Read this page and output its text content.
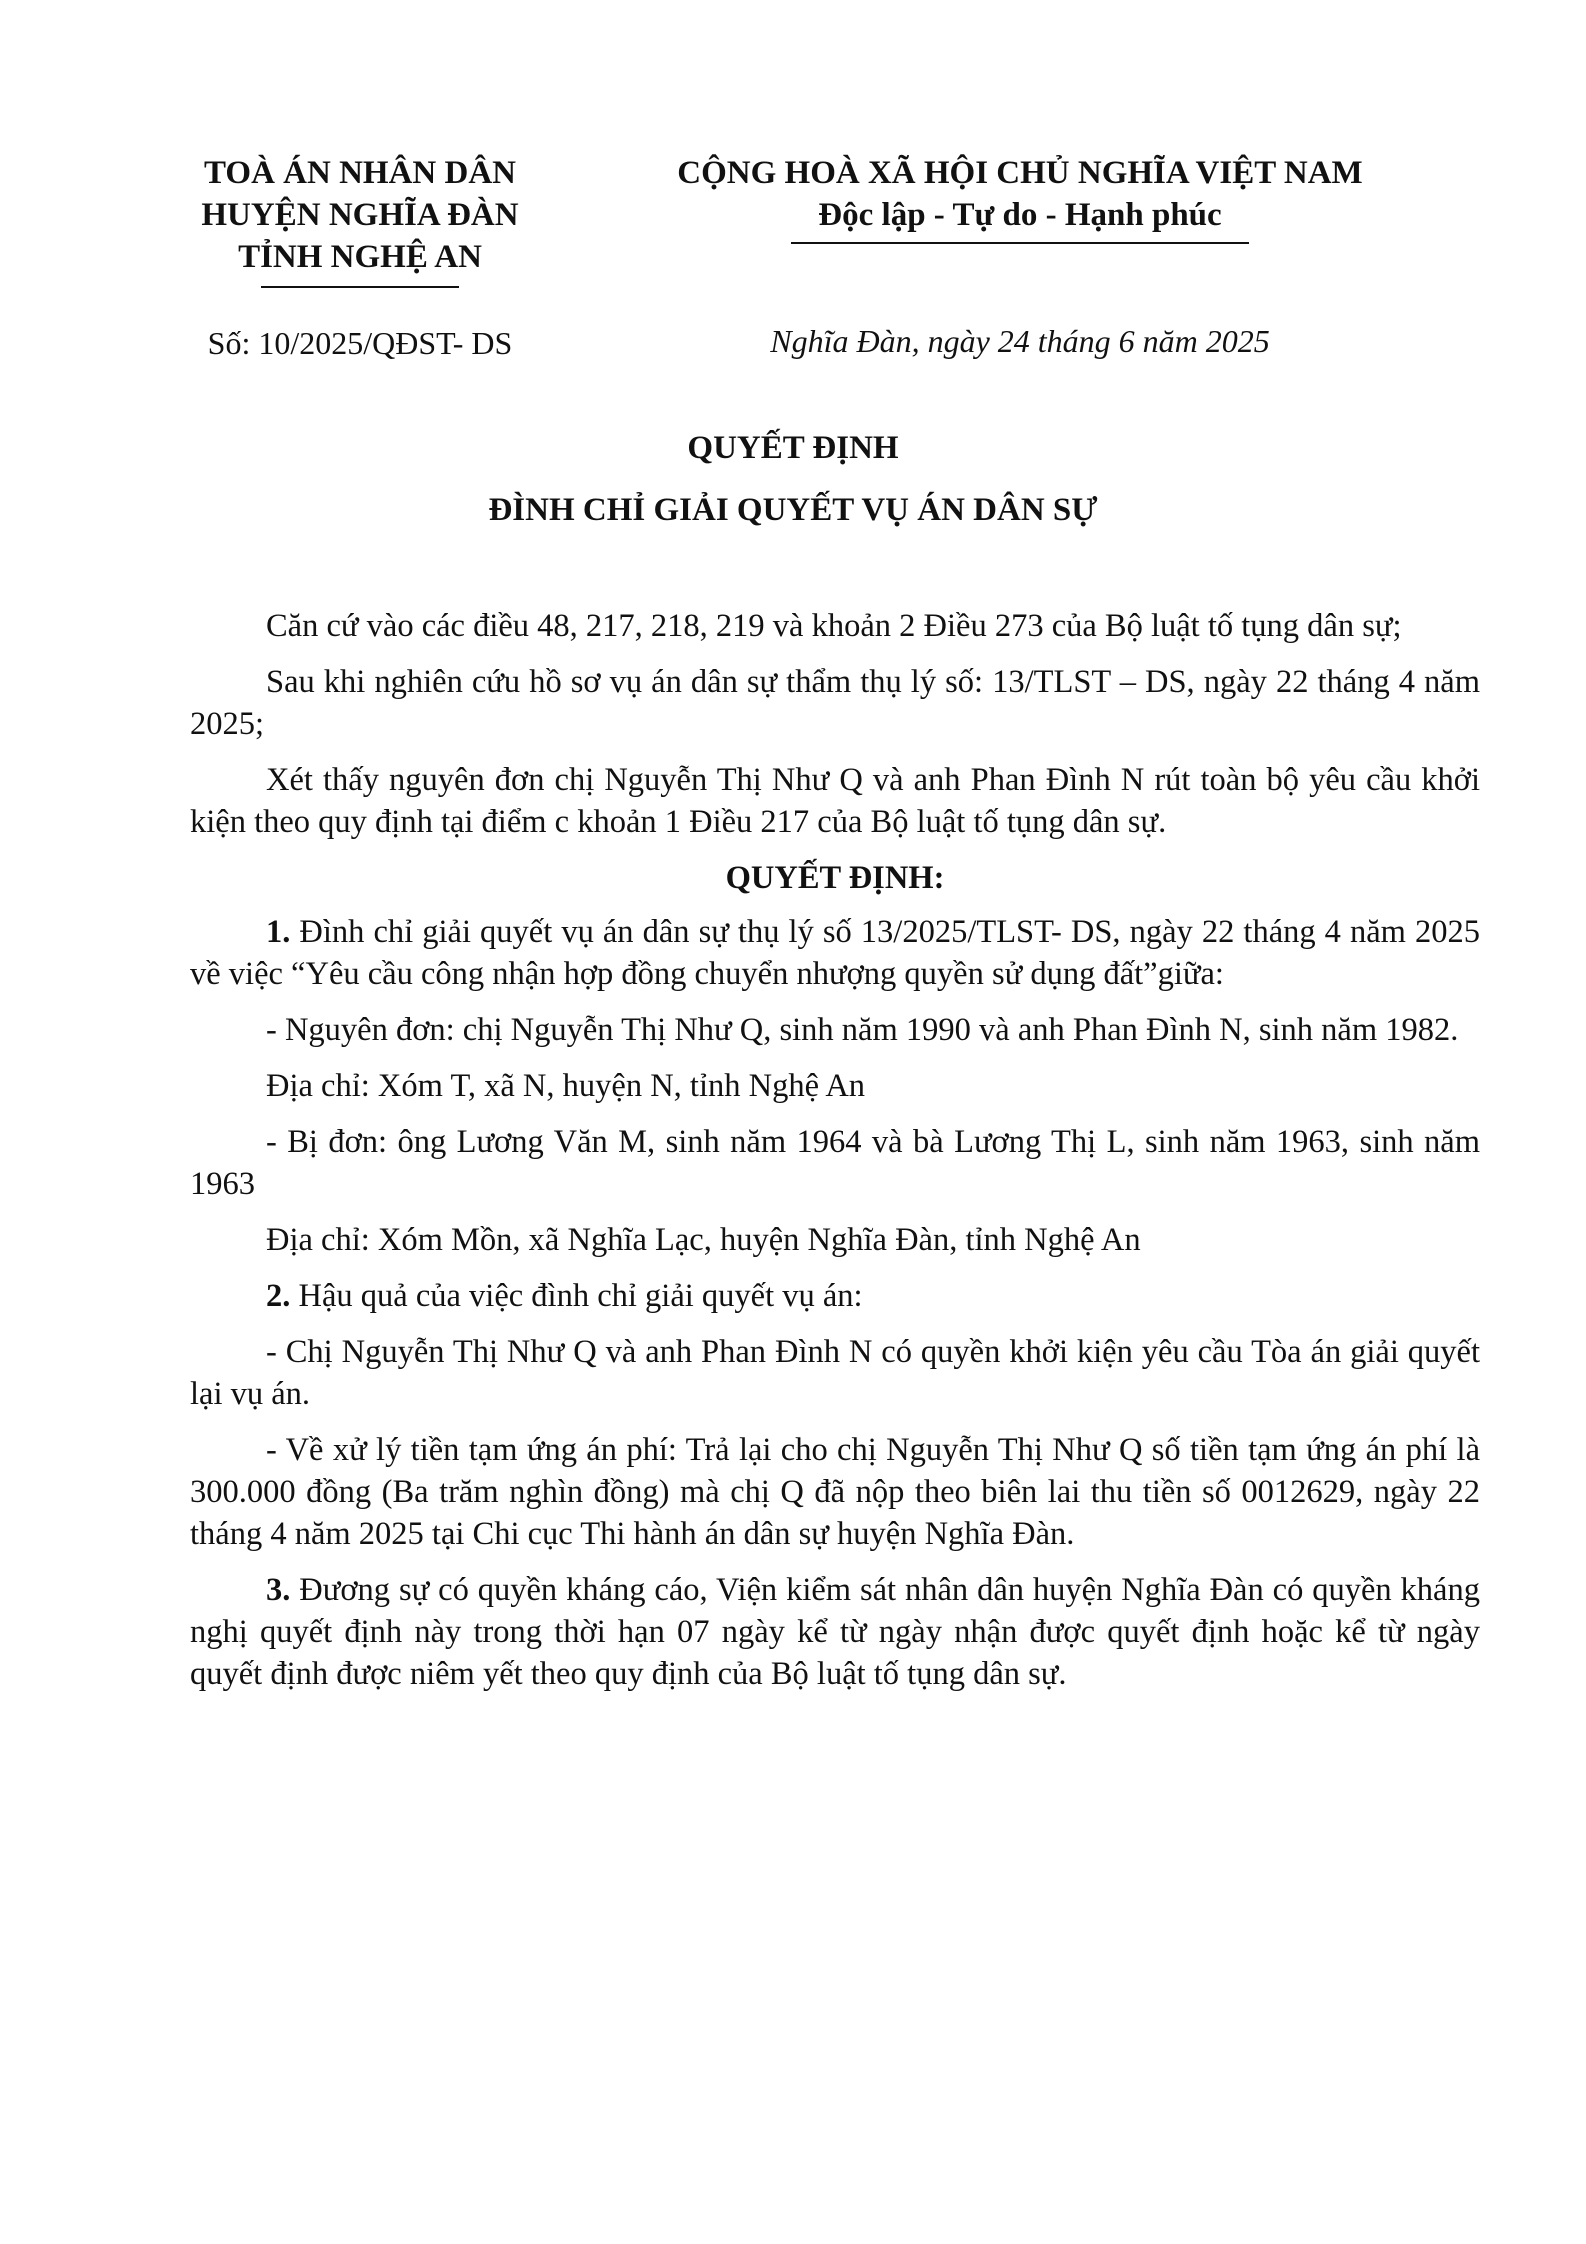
TOÀ ÁN NHÂN DÂN
HUYỆN NGHĨA ĐÀN
TỈNH NGHỆ AN
CỘNG HOÀ XÃ HỘI CHỦ NGHĨA VIỆT NAM
Độc lập - Tự do - Hạnh phúc
Số: 10/2025/QĐST- DS	Nghĩa Đàn, ngày 24 tháng 6 năm 2025
QUYẾT ĐỊNH
ĐÌNH CHỈ GIẢI QUYẾT VỤ ÁN DÂN SỰ

Căn cứ vào các điều 48, 217, 218, 219 và khoản 2 Điều 273 của Bộ luật tố tụng dân sự;

Sau khi nghiên cứu hồ sơ vụ án dân sự thẩm thụ lý số: 13/TLST – DS, ngày 22 tháng 4 năm 2025;

Xét thấy nguyên đơn chị Nguyễn Thị Như Q và anh Phan Đình N rút toàn bộ yêu cầu khởi kiện theo quy định tại điểm c khoản 1 Điều 217 của Bộ luật tố tụng dân sự.

QUYẾT ĐỊNH:

1. Đình chỉ giải quyết vụ án dân sự thụ lý số 13/2025/TLST- DS, ngày 22 tháng 4 năm 2025 về việc “Yêu cầu công nhận hợp đồng chuyển nhượng quyền sử dụng đất”giữa:

- Nguyên đơn: chị Nguyễn Thị Như Q, sinh năm 1990 và anh Phan Đình N, sinh năm 1982.

Địa chỉ: Xóm T, xã N, huyện N, tỉnh Nghệ An

- Bị đơn: ông Lương Văn M, sinh năm 1964 và bà Lương Thị L, sinh năm 1963, sinh năm 1963

Địa chỉ: Xóm Mồn, xã Nghĩa Lạc, huyện Nghĩa Đàn, tỉnh Nghệ An

2. Hậu quả của việc đình chỉ giải quyết vụ án:

- Chị Nguyễn Thị Như Q và anh Phan Đình N có quyền khởi kiện yêu cầu Tòa án giải quyết lại vụ án.

- Về xử lý tiền tạm ứng án phí: Trả lại cho chị Nguyễn Thị Như Q số tiền tạm ứng án phí là 300.000 đồng (Ba trăm nghìn đồng) mà chị Q đã nộp theo biên lai thu tiền số 0012629, ngày 22 tháng 4 năm 2025 tại Chi cục Thi hành án dân sự huyện Nghĩa Đàn.

3. Đương sự có quyền kháng cáo, Viện kiểm sát nhân dân huyện Nghĩa Đàn có quyền kháng nghị quyết định này trong thời hạn 07 ngày kể từ ngày nhận được quyết định hoặc kể từ ngày quyết định được niêm yết theo quy định của Bộ luật tố tụng dân sự.
